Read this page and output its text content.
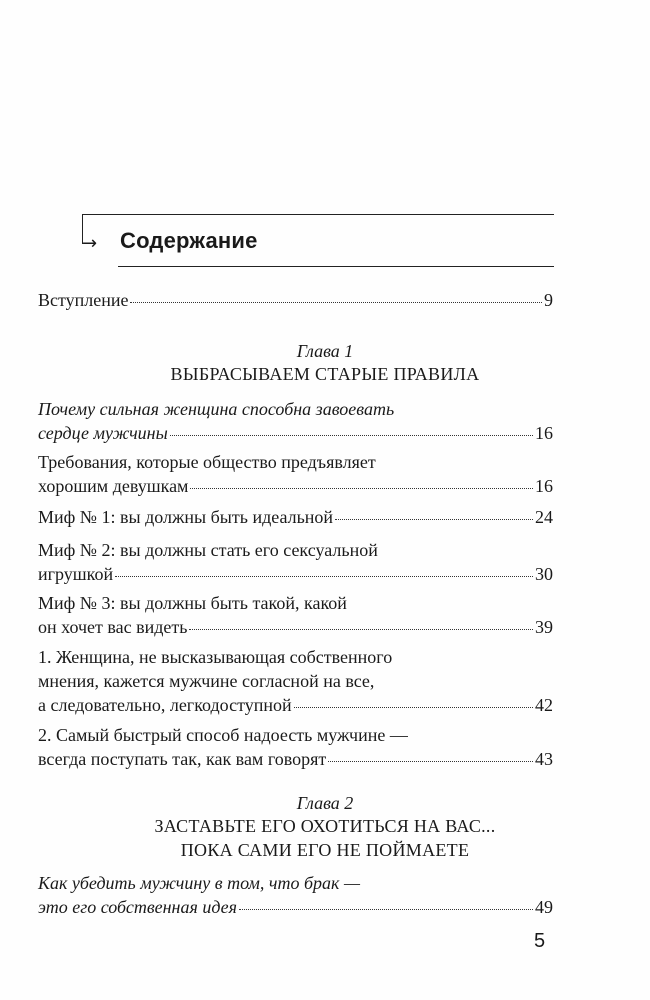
→	Содержание
Вступление	9
Глава 1
ВЫБРАСЫВАЕМ СТАРЫЕ ПРАВИЛА
Почему сильная женщина способна завоевать
сердце мужчины	16
Требования, которые общество предъявляет
хорошим девушкам	16
Миф № 1: вы должны быть идеальной	24
Миф № 2: вы должны стать его сексуальной
игрушкой	30
Миф № 3: вы должны быть такой, какой
он хочет вас видеть	39
1. Женщина, не высказывающая собственного
мнения, кажется мужчине согласной на все,
а следовательно, легкодоступной	42
2. Самый быстрый способ надоесть мужчине —
всегда поступать так, как вам говорят	43
Глава 2
ЗАСТАВЬТЕ ЕГО ОХОТИТЬСЯ НА ВАС...
ПОКА САМИ ЕГО НЕ ПОЙМАЕТЕ
Как убедить мужчину в том, что брак —
это его собственная идея	49
5
